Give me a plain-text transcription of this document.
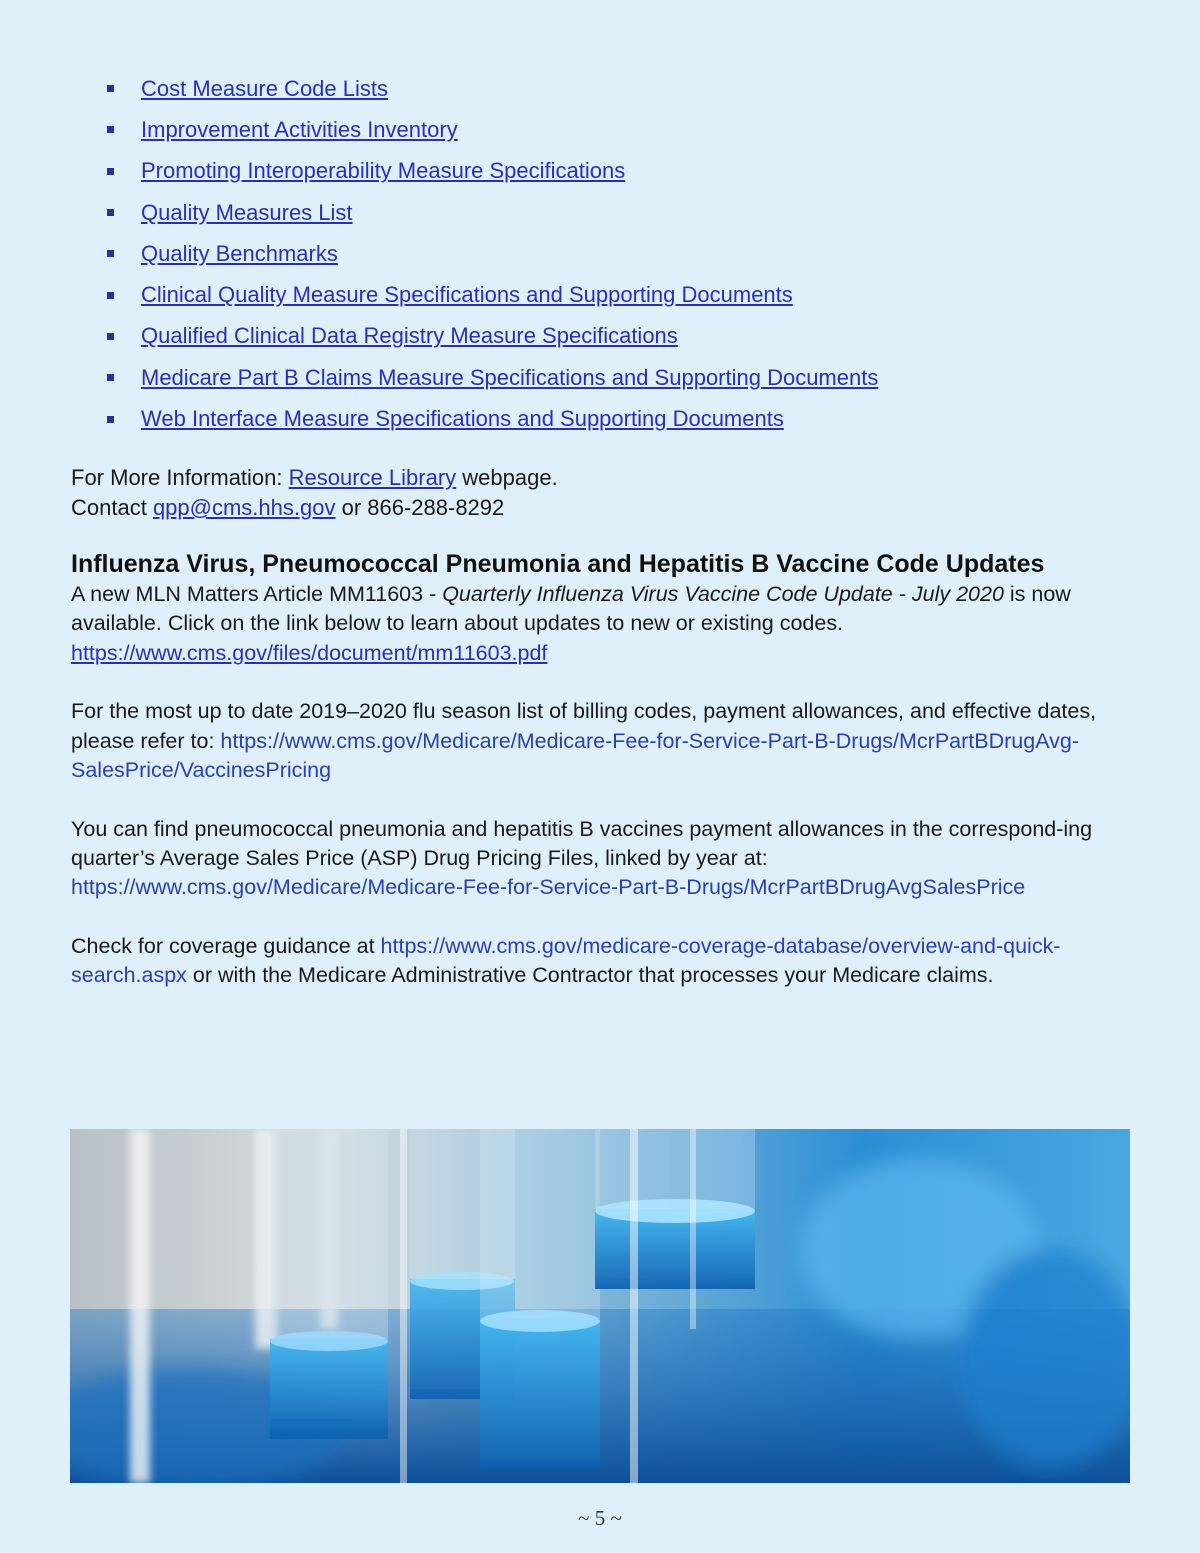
Cost Measure Code Lists
Improvement Activities Inventory
Promoting Interoperability Measure Specifications
Quality Measures List
Quality Benchmarks
Clinical Quality Measure Specifications and Supporting Documents
Qualified Clinical Data Registry Measure Specifications
Medicare Part B Claims Measure Specifications and Supporting Documents
Web Interface Measure Specifications and Supporting Documents
For More Information: Resource Library webpage.
Contact qpp@cms.hhs.gov or 866-288-8292
Influenza Virus, Pneumococcal Pneumonia and Hepatitis B Vaccine Code Updates

A new MLN Matters Article MM11603 - Quarterly Influenza Virus Vaccine Code Update - July 2020 is now available. Click on the link below to learn about updates to new or existing codes. https://www.cms.gov/files/document/mm11603.pdf

For the most up to date 2019–2020 flu season list of billing codes, payment allowances, and effective dates, please refer to: https://www.cms.gov/Medicare/Medicare-Fee-for-Service-Part-B-Drugs/McrPartBDrugAvg-SalesPrice/VaccinesPricing

You can find pneumococcal pneumonia and hepatitis B vaccines payment allowances in the correspond-ing quarter’s Average Sales Price (ASP) Drug Pricing Files, linked by year at: https://www.cms.gov/Medicare/Medicare-Fee-for-Service-Part-B-Drugs/McrPartBDrugAvgSalesPrice

Check for coverage guidance at https://www.cms.gov/medicare-coverage-database/overview-and-quick-search.aspx or with the Medicare Administrative Contractor that processes your Medicare claims.

~ 5 ~
